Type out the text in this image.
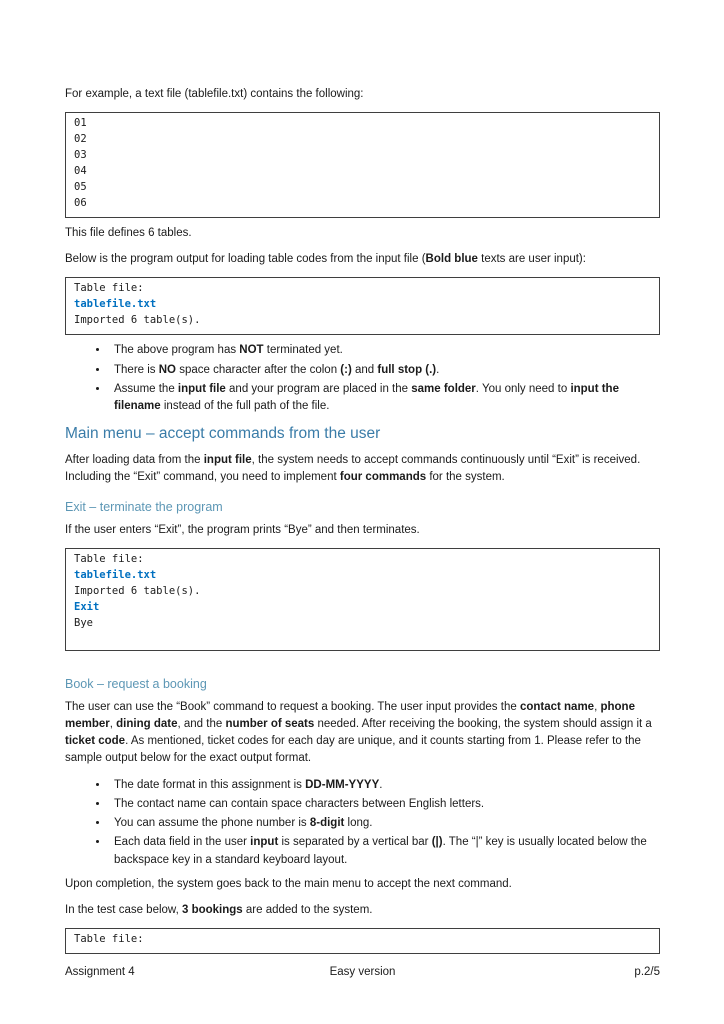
For example, a text file (tablefile.txt) contains the following:

01
02
03
04
05
06

This file defines 6 tables.

Below is the program output for loading table codes from the input file (Bold blue texts are user input):

Table file:
tablefile.txt
Imported 6 table(s).
• The above program has NOT terminated yet.
• There is NO space character after the colon (:) and full stop (.).
• Assume the input file and your program are placed in the same folder. You only need to input the filename instead of the full path of the file.
Main menu – accept commands from the user

After loading data from the input file, the system needs to accept commands continuously until “Exit” is received. Including the “Exit” command, you need to implement four commands for the system.

Exit – terminate the program

If the user enters “Exit”, the program prints “Bye” and then terminates.

Table file:
tablefile.txt
Imported 6 table(s).
Exit
Bye
Book – request a booking

The user can use the “Book” command to request a booking. The user input provides the contact name, phone member, dining date, and the number of seats needed. After receiving the booking, the system should assign it a ticket code. As mentioned, ticket codes for each day are unique, and it counts starting from 1. Please refer to the sample output below for the exact output format.

• The date format in this assignment is DD-MM-YYYY.
• The contact name can contain space characters between English letters.
• You can assume the phone number is 8-digit long.
• Each data field in the user input is separated by a vertical bar (|). The “|” key is usually located below the backspace key in a standard keyboard layout.

Upon completion, the system goes back to the main menu to accept the next command.

In the test case below, 3 bookings are added to the system.

Table file:
Assignment 4	Easy version	p.2/5
